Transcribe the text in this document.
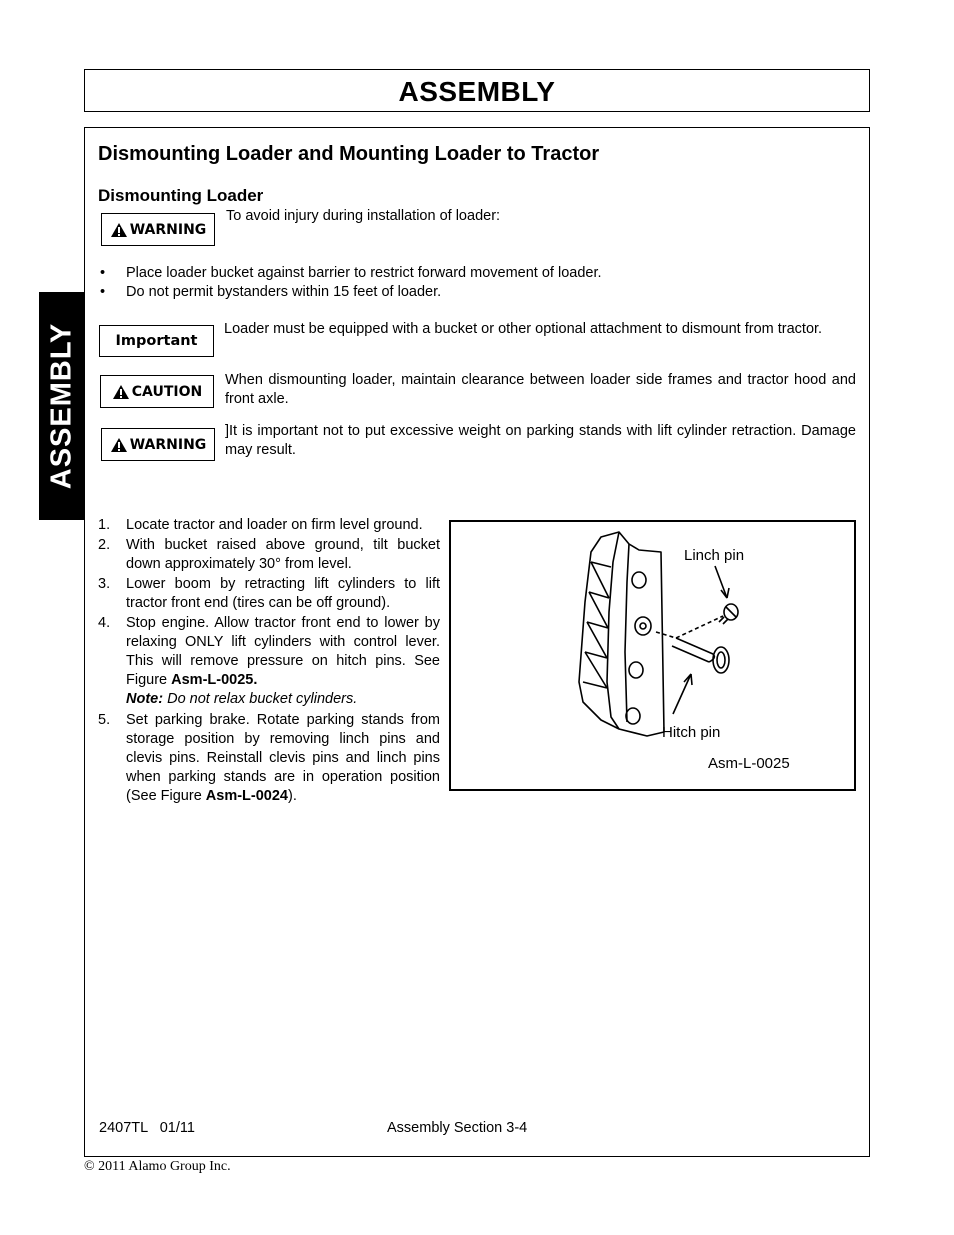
ASSEMBLY
ASSEMBLY
Dismounting Loader and Mounting Loader to Tractor
Dismounting Loader
WARNING
To avoid injury during installation of loader:
•	Place loader bucket against barrier to restrict forward movement of loader.
•	Do not permit bystanders within 15 feet of loader.
Important
Loader must be equipped with a bucket or other optional attachment to dismount from tractor.
CAUTION
When dismounting loader, maintain clearance between loader side frames and tractor hood and front axle.
WARNING
]It is important not to put excessive weight on parking stands with lift cylinder retraction. Damage may result.
1.	Locate tractor and loader on firm level ground.
2.	With bucket raised above ground, tilt bucket down approximately 30° from level.
3.	Lower boom by retracting lift cylinders to lift tractor front end (tires can be off ground).
4.	Stop engine. Allow tractor front end to lower by relaxing ONLY lift cylinders with control lever. This will remove pressure on hitch pins. See Figure Asm-L-0025.
Note: Do not relax bucket cylinders.
5.	Set parking brake. Rotate parking stands from storage position by removing linch pins and clevis pins. Reinstall clevis pins and linch pins when parking stands are in operation position (See Figure Asm-L-0024).
Linch pin
Hitch pin
Asm-L-0025
2407TL   01/11	Assembly Section 3-4
© 2011 Alamo Group Inc.
